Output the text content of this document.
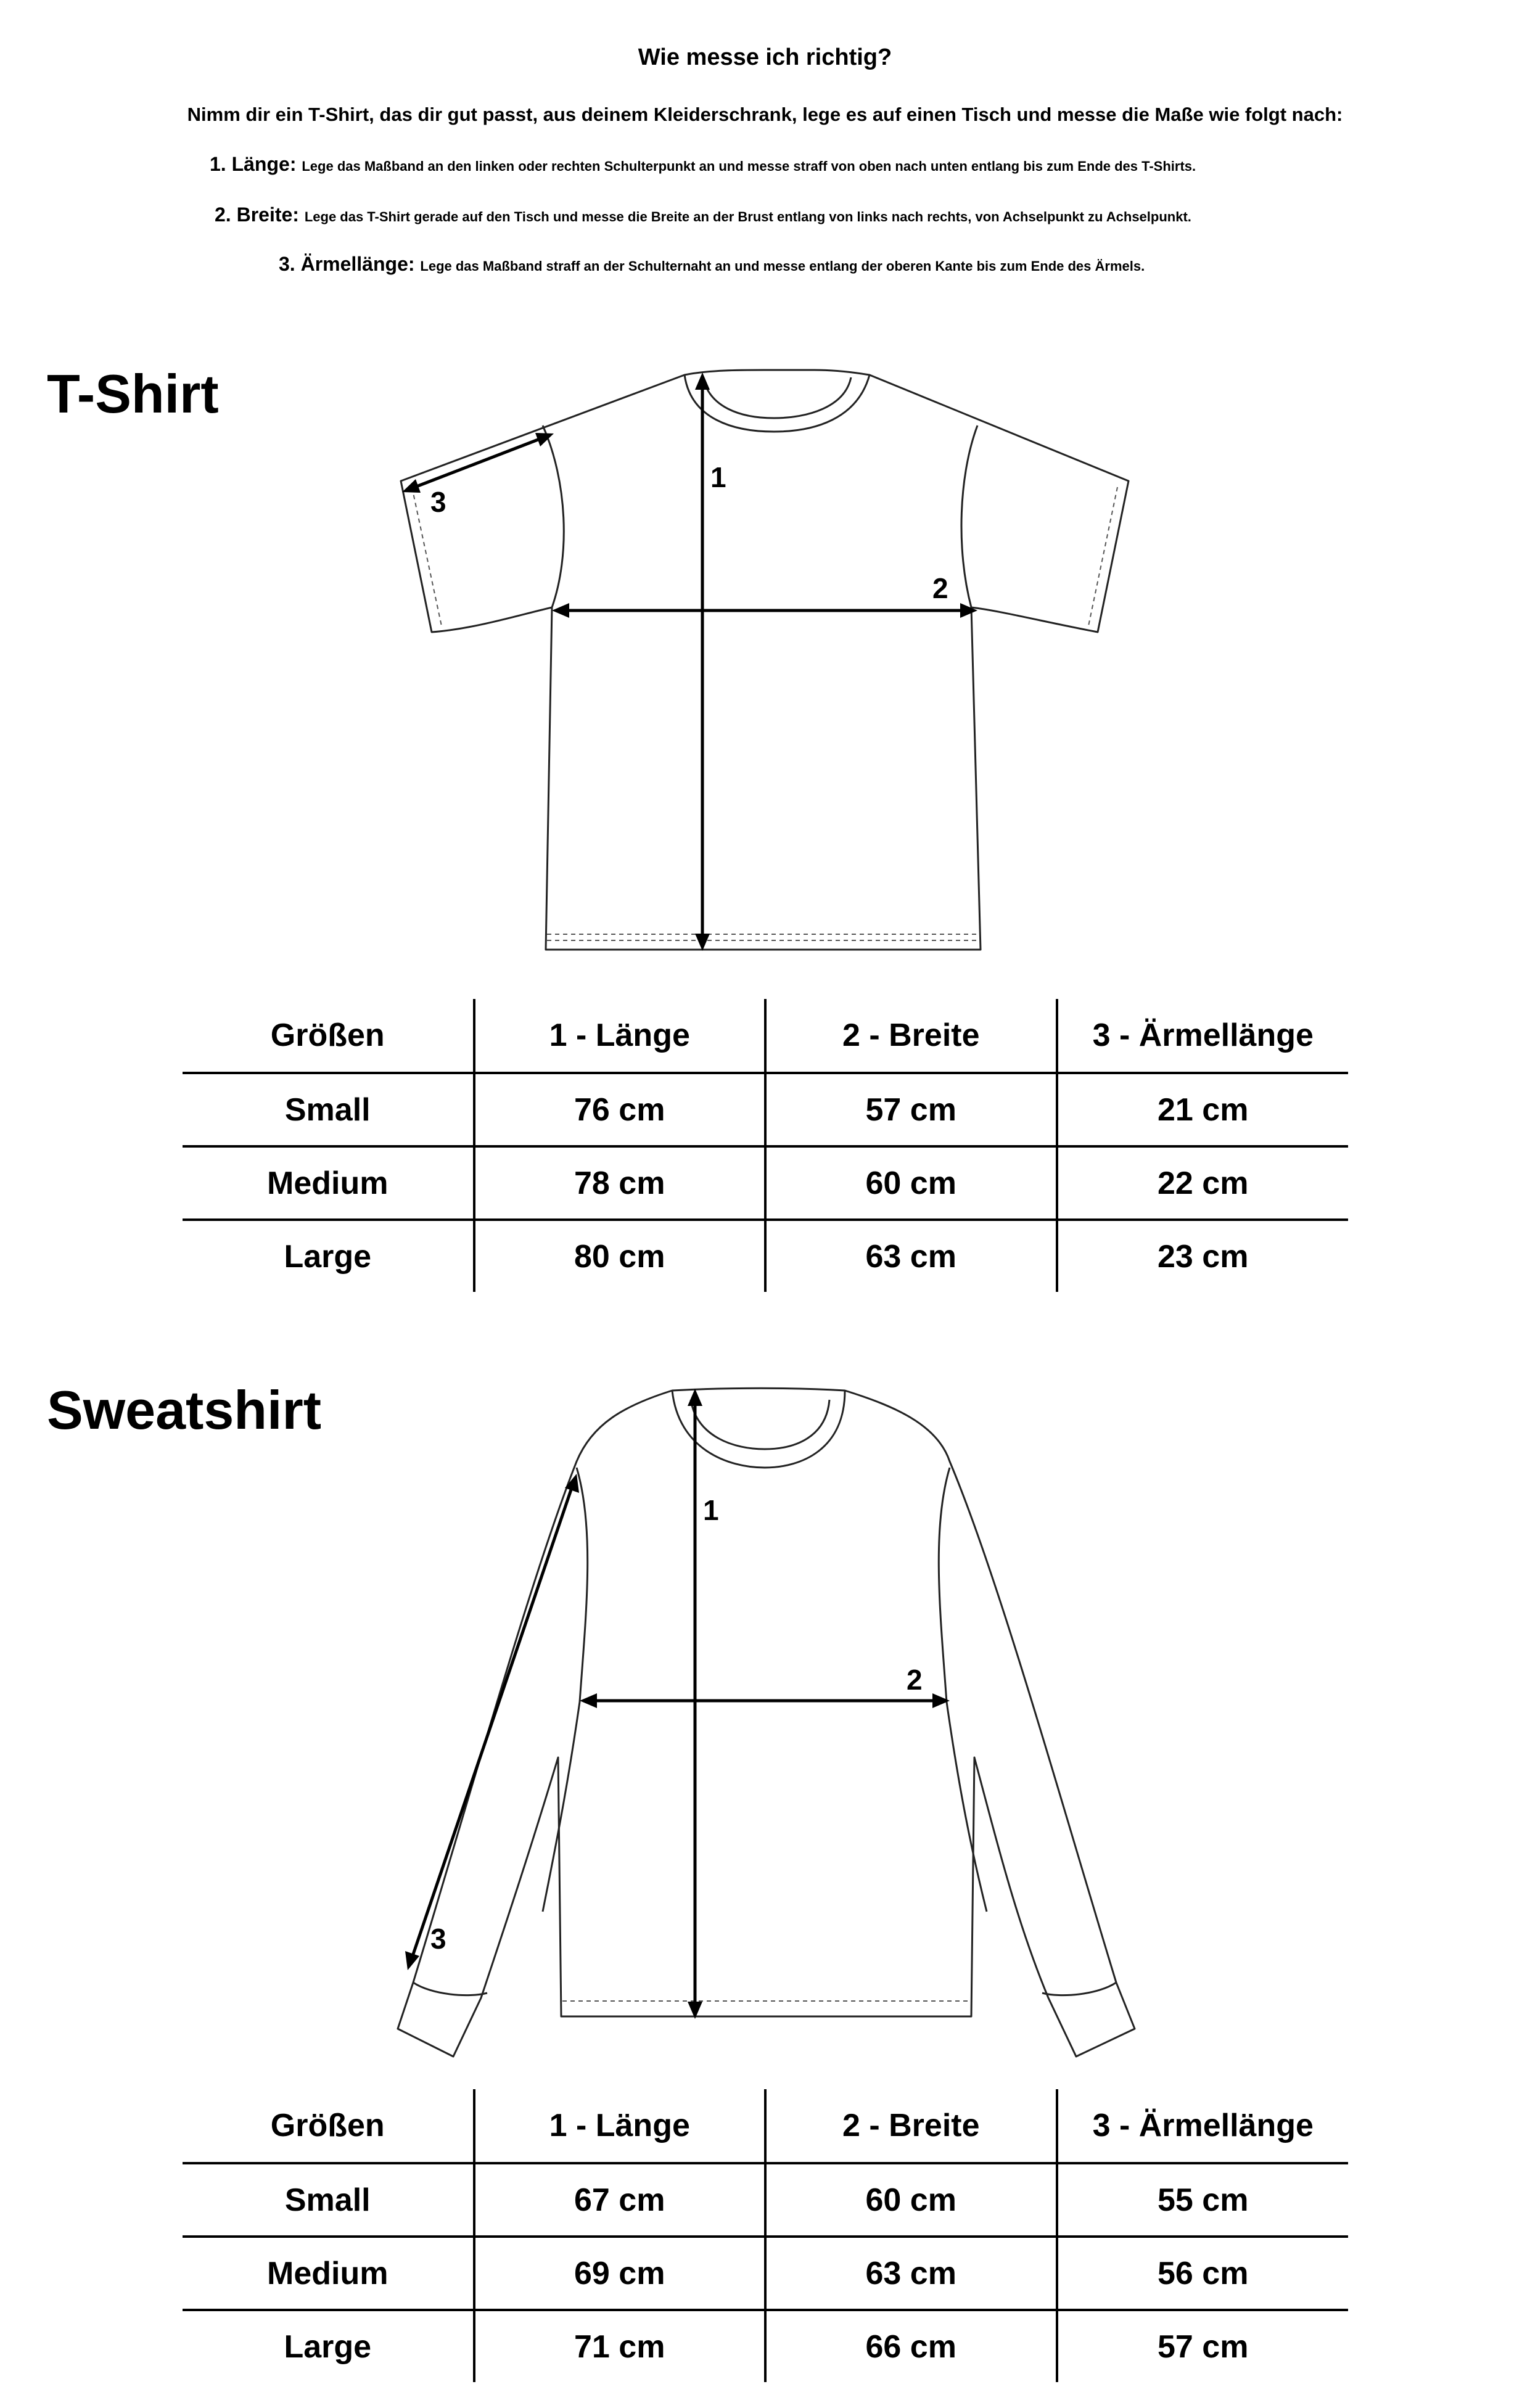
Wie messe ich richtig?
Nimm dir ein T-Shirt, das dir gut passt, aus deinem Kleiderschrank, lege es auf einen Tisch und messe die Maße wie folgt nach:
1. Länge: Lege das Maßband an den linken oder rechten Schulterpunkt an und messe straff von oben nach unten entlang bis zum Ende des T-Shirts.
2. Breite: Lege das T-Shirt gerade auf den Tisch und messe die Breite an der Brust entlang von links nach rechts, von Achselpunkt zu Achselpunkt.
3. Ärmellänge: Lege das Maßband straff an der Schulternaht an und messe entlang der oberen Kante bis zum Ende des Ärmels.
T-Shirt
1
2
3
Größen	1 - Länge	2 - Breite	3 - Ärmellänge
Small	76 cm	57 cm	21 cm
Medium	78 cm	60 cm	22 cm
Large	80 cm	63 cm	23 cm
Sweatshirt
1
2
3
Größen	1 - Länge	2 - Breite	3 - Ärmellänge
Small	67 cm	60 cm	55 cm
Medium	69 cm	63 cm	56 cm
Large	71 cm	66 cm	57 cm
